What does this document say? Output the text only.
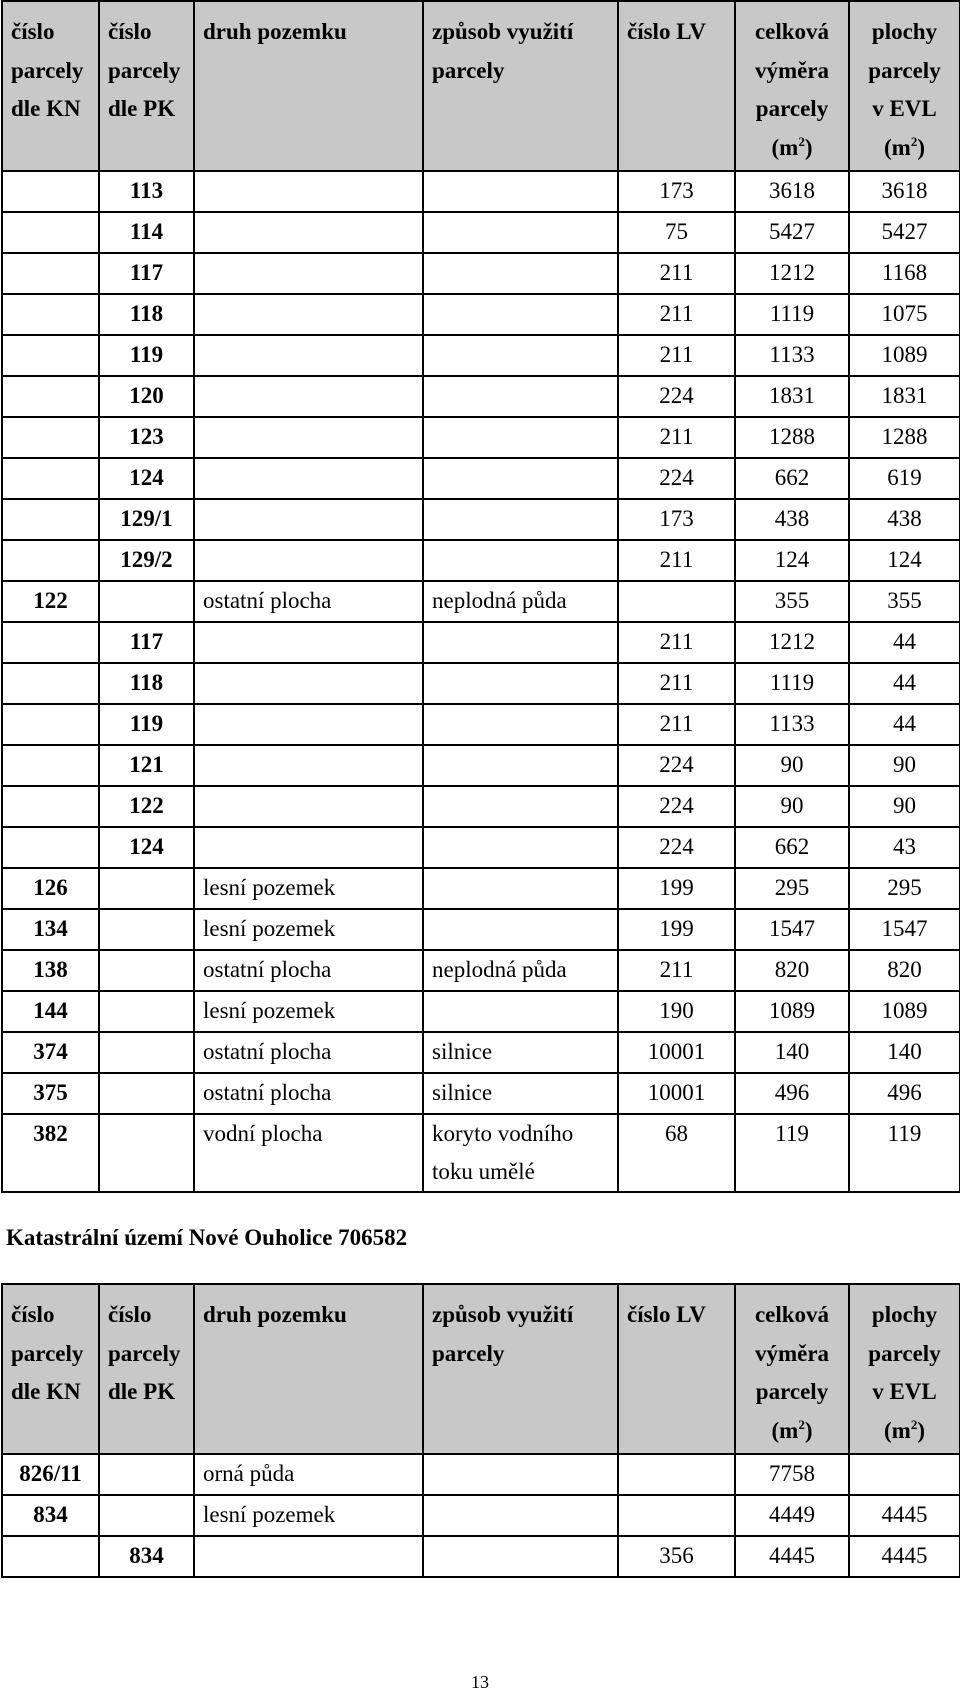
číslo
parcely
dle KN	číslo
parcely
dle PK	druh pozemku	způsob využití
parcely	číslo LV	celková
výměra
parcely
$(m^2)$	plochy
parcely
v EVL
$(m^2)$
	113			173	3618	3618
	114			75	5427	5427
	117			211	1212	1168
	118			211	1119	1075
	119			211	1133	1089
	120			224	1831	1831
	123			211	1288	1288
	124			224	662	619
	129/1			173	438	438
	129/2			211	124	124
122		ostatní plocha	neplodná půda		355	355
	117			211	1212	44
	118			211	1119	44
	119			211	1133	44
	121			224	90	90
	122			224	90	90
	124			224	662	43
126		lesní pozemek		199	295	295
134		lesní pozemek		199	1547	1547
138		ostatní plocha	neplodná půda	211	820	820
144		lesní pozemek		190	1089	1089
374		ostatní plocha	silnice	10001	140	140
375		ostatní plocha	silnice	10001	496	496
382		vodní plocha	koryto vodního toku umělé	68	119	119
Katastrální území Nové Ouholice 706582
číslo
parcely
dle KN	číslo
parcely
dle PK	druh pozemku	způsob využití
parcely	číslo LV	celková
výměra
parcely
$(m^2)$	plochy
parcely
v EVL
$(m^2)$
826/11		orná půda			7758	
834		lesní pozemek			4449	4445
	834			356	4445	4445
13
